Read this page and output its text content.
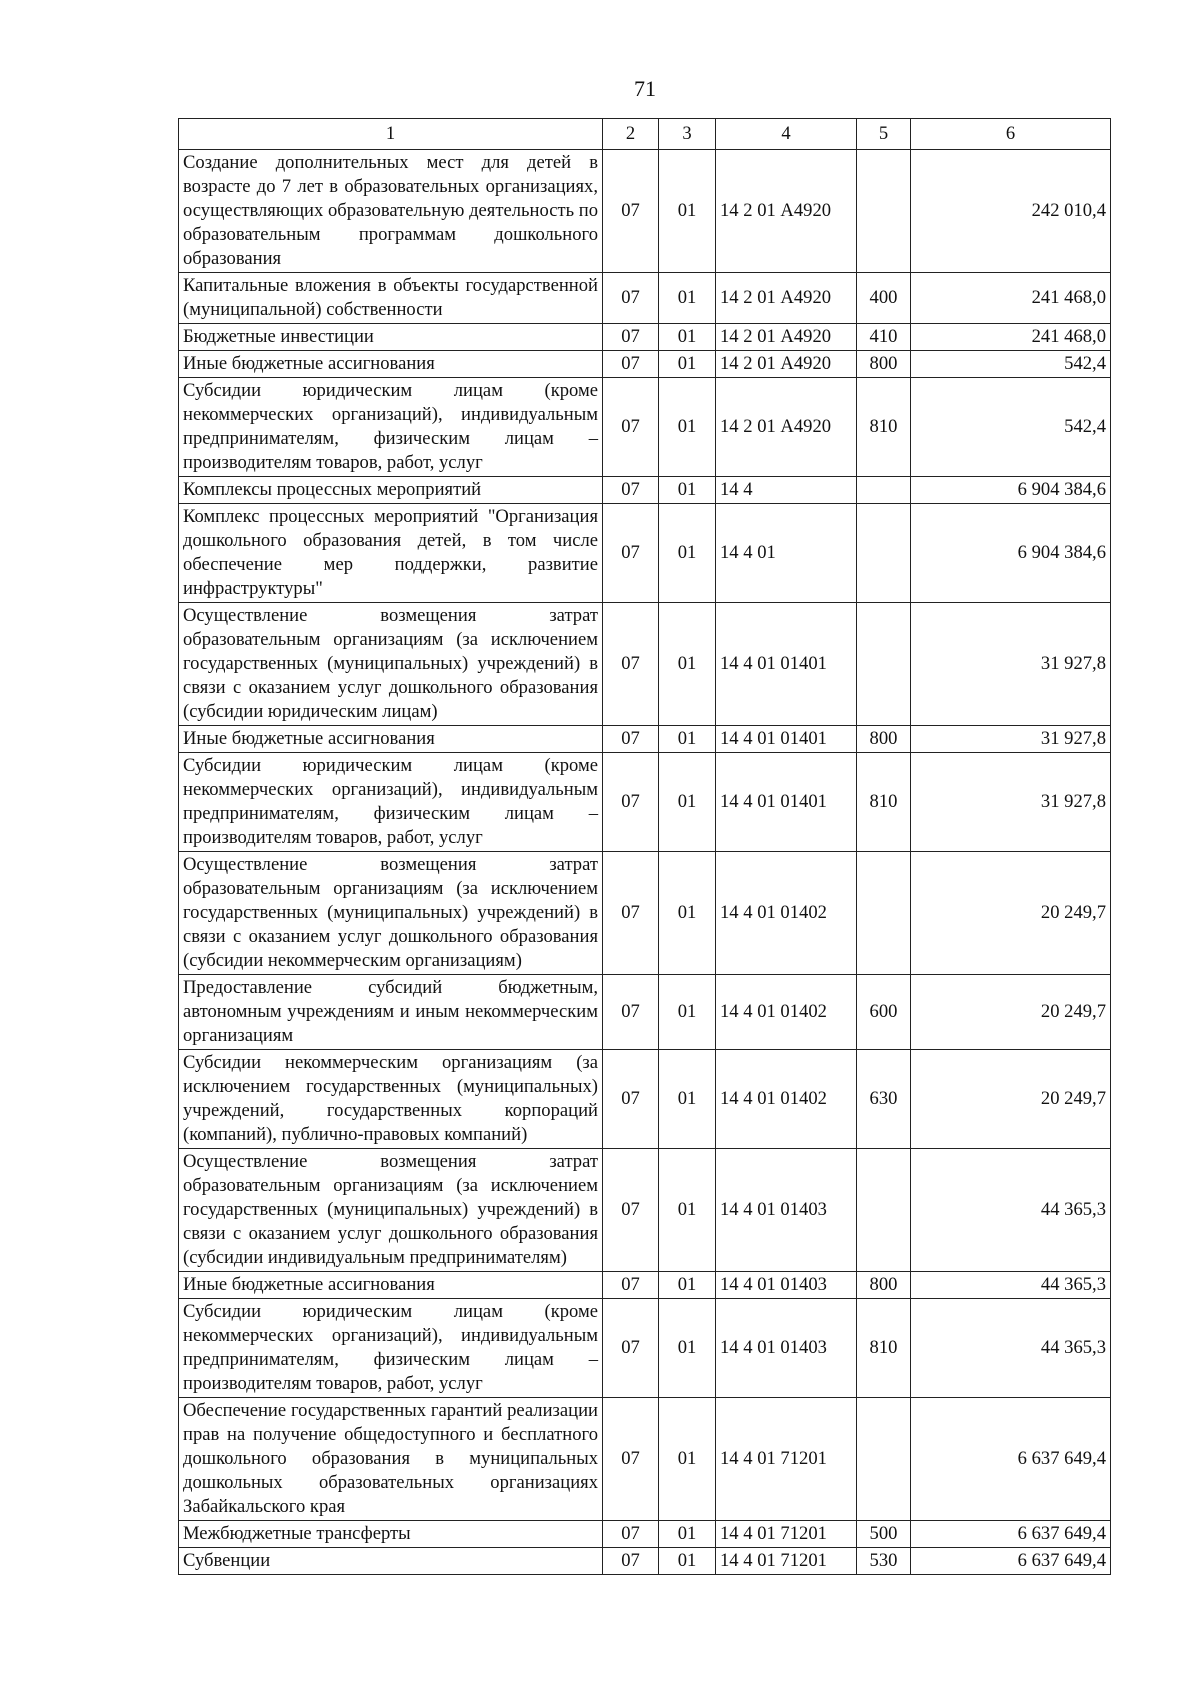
71
1	2	3	4	5	6
Создание дополнительных мест для детей в возрасте до 7 лет в образовательных организациях, осуществляющих образовательную деятельность по образовательным программам дошкольного образования	07	01	14 2 01 А4920		242 010,4
Капитальные вложения в объекты государственной (муниципальной) собственности	07	01	14 2 01 А4920	400	241 468,0
Бюджетные инвестиции	07	01	14 2 01 А4920	410	241 468,0
Иные бюджетные ассигнования	07	01	14 2 01 А4920	800	542,4
Субсидии юридическим лицам (кроме некоммерческих организаций), индивидуальным предпринимателям, физическим лицам – производителям товаров, работ, услуг	07	01	14 2 01 А4920	810	542,4
Комплексы процессных мероприятий	07	01	14 4		6 904 384,6
Комплекс процессных мероприятий "Организация дошкольного образования детей, в том числе обеспечение мер поддержки, развитие инфраструктуры"	07	01	14 4 01		6 904 384,6
Осуществление возмещения затрат образовательным организациям (за исключением государственных (муниципальных) учреждений) в связи с оказанием услуг дошкольного образования (субсидии юридическим лицам)	07	01	14 4 01 01401		31 927,8
Иные бюджетные ассигнования	07	01	14 4 01 01401	800	31 927,8
Субсидии юридическим лицам (кроме некоммерческих организаций), индивидуальным предпринимателям, физическим лицам – производителям товаров, работ, услуг	07	01	14 4 01 01401	810	31 927,8
Осуществление возмещения затрат образовательным организациям (за исключением государственных (муниципальных) учреждений) в связи с оказанием услуг дошкольного образования (субсидии некоммерческим организациям)	07	01	14 4 01 01402		20 249,7
Предоставление субсидий бюджетным, автономным учреждениям и иным некоммерческим организациям	07	01	14 4 01 01402	600	20 249,7
Субсидии некоммерческим организациям (за исключением государственных (муниципальных) учреждений, государственных корпораций (компаний), публично-правовых компаний)	07	01	14 4 01 01402	630	20 249,7
Осуществление возмещения затрат образовательным организациям (за исключением государственных (муниципальных) учреждений) в связи с оказанием услуг дошкольного образования (субсидии индивидуальным предпринимателям)	07	01	14 4 01 01403		44 365,3
Иные бюджетные ассигнования	07	01	14 4 01 01403	800	44 365,3
Субсидии юридическим лицам (кроме некоммерческих организаций), индивидуальным предпринимателям, физическим лицам – производителям товаров, работ, услуг	07	01	14 4 01 01403	810	44 365,3
Обеспечение государственных гарантий реализации прав на получение общедоступного и бесплатного дошкольного образования в муниципальных дошкольных образовательных организациях Забайкальского края	07	01	14 4 01 71201		6 637 649,4
Межбюджетные трансферты	07	01	14 4 01 71201	500	6 637 649,4
Субвенции	07	01	14 4 01 71201	530	6 637 649,4
